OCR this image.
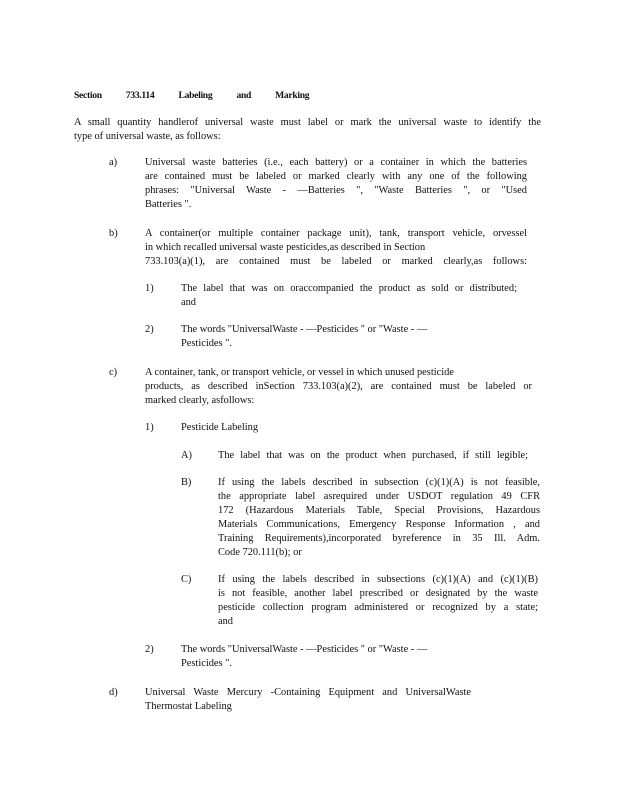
Section 733.114 Labeling and Marking
A small quantity handlerof universal waste must label or mark the universal waste to identify the
type of universal waste, as follows:
a)	Universal waste batteries (i.e., each battery) or a container in which the batteries
are contained must be labeled or marked clearly with any one of the following
phrases: "Universal Waste - —Batteries ", "Waste Batteries ", or "Used
Batteries ".
b)	A container(or multiple container package unit), tank, transport vehicle, orvessel
in which recalled universal waste pesticides,as described in Section
733.103(a)(1), are contained must be labeled or marked clearly,as follows:
1)	The label that was on oraccompanied the product as sold or distributed;
and
2)	The words "UniversalWaste - —Pesticides " or "Waste - —
Pesticides ".
c)	A container, tank, or transport vehicle, or vessel in which unused pesticide
products, as described inSection 733.103(a)(2), are contained must be labeled or
marked clearly, asfollows:
1)	Pesticide Labeling
A)	The label that was on the product when purchased, if still legible;
B)	If using the labels described in subsection (c)(1)(A) is not feasible,
the appropriate label asrequired under USDOT regulation 49 CFR
172 (Hazardous Materials Table, Special Provisions, Hazardous
Materials Communications, Emergency Response Information , and
Training Requirements),incorporated byreference in 35 Ill. Adm.
Code 720.111(b); or
C)	If using the labels described in subsections (c)(1)(A) and (c)(1)(B)
is not feasible, another label prescribed or designated by the waste
pesticide collection program administered or recognized by a state;
and
2)	The words "UniversalWaste - —Pesticides " or "Waste - —
Pesticides ".
d)	Universal Waste Mercury -Containing Equipment and UniversalWaste
Thermostat Labeling
